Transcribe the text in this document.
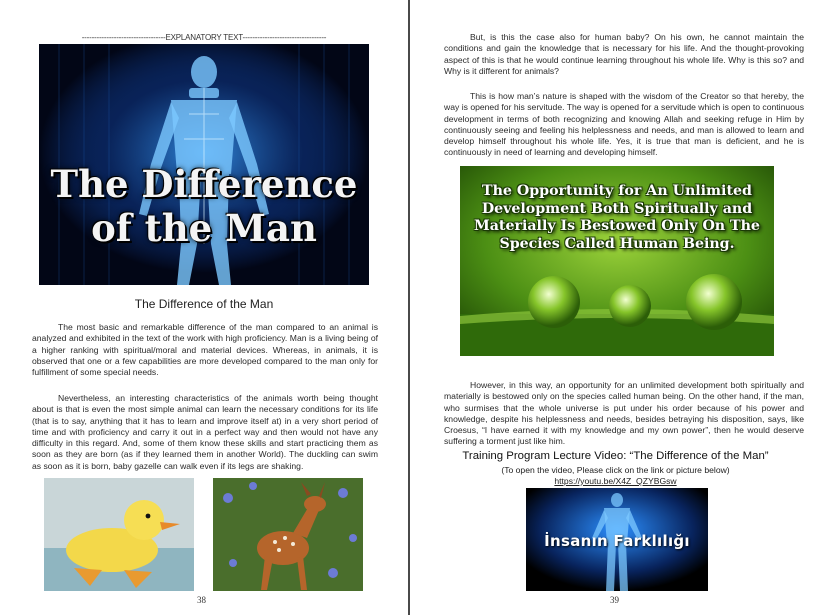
----------------------------------EXPLANATORY TEXT----------------------------------
The Difference
of the Man
The Difference of the Man
The most basic and remarkable difference of the man compared to an animal is analyzed and exhibited in the text of the work with high proficiency. Man is a living being of a higher ranking with spiritual/moral and material devices. Whereas, in animals, it is observed that one or a few capabilities are more developed compared to the man only for fulfillment of some special needs.
Nevertheless, an interesting characteristics of the animals worth being thought about is that is even the most simple animal can learn the necessary conditions for its life (that is to say, anything that it has to learn and improve itself at) in a very short period of time and with proficiency and carry it out in a perfect way and then would not have any difficulty in this regard. And, some of them know these skills and start practicing them as soon as they are born (as if they learned them in another World). The duckling can swim as soon as it is born, baby gazelle can walk even if its legs are shaking.
38
But, is this the case also for human baby? On his own, he cannot maintain the conditions and gain the knowledge that is necessary for his life. And the thought-provoking aspect of this is that he would continue learning throughout his whole life. Why is this so? and Why is it different for animals?
This is how man’s nature is shaped with the wisdom of the Creator so that hereby, the way is opened for his servitude. The way is opened for a servitude which is open to continuous development in terms of both recognizing and knowing Allah and seeking refuge in Him by continuously seeing and feeling his helplessness and needs, and man is allowed to learn and develop himself throughout his whole life. Yes, it is true that man is deficient, and he is continuously in need of learning and developing himself.
The Opportunity for An Unlimited Development Both Spiritually and Materially Is Bestowed Only On The Species Called Human Being.
However, in this way, an opportunity for an unlimited development both spiritually and materially is bestowed only on the species called human being. On the other hand, if the man, who surmises that the whole universe is put under his order because of his power and knowledge, despite his helplessness and needs, besides betraying his disposition, says, like Croesus, “I have earned it with my knowledge and my own power”, then he would deserve suffering a torment just like him.
Training Program Lecture Video: “The Difference of the Man”
(To open the video, Please click on the link or picture below)
https://youtu.be/X4Z_QZYBGsw
İnsanın Farklılığı
39
